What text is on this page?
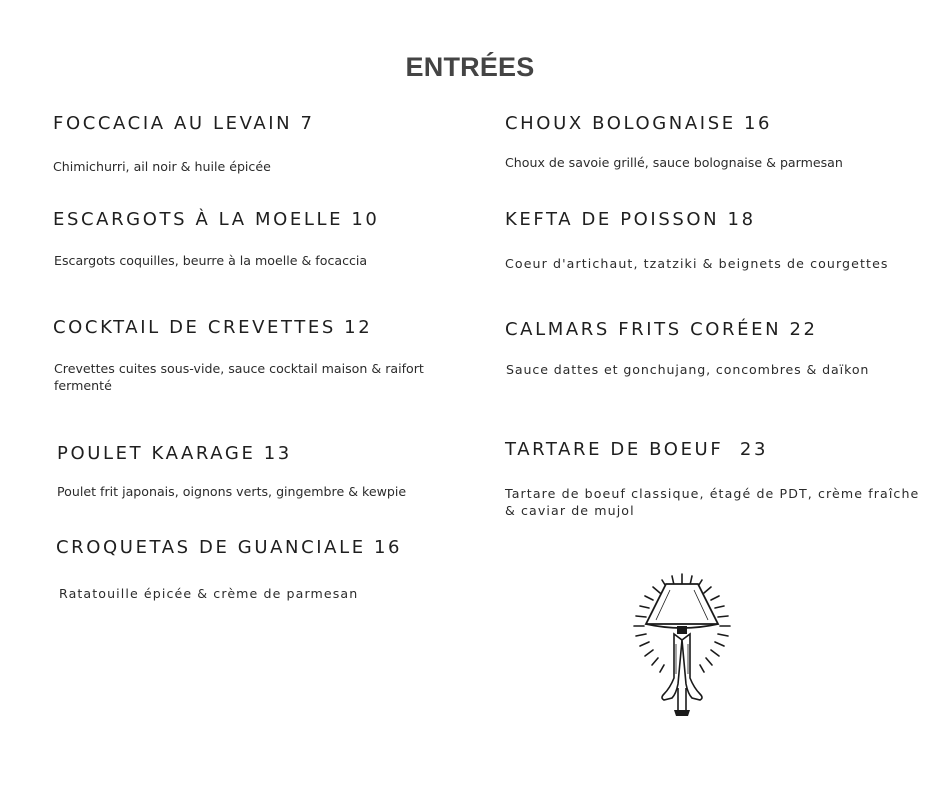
ENTRÉES
FOCCACIA AU LEVAIN 7
Chimichurri, ail noir & huile épicée
ESCARGOTS À LA MOELLE 10
Escargots coquilles, beurre à la moelle & focaccia
COCKTAIL DE CREVETTES 12
Crevettes cuites sous-vide, sauce cocktail maison & raifort fermenté
POULET KAARAGE 13
Poulet frit japonais, oignons verts, gingembre & kewpie
CROQUETAS DE GUANCIALE 16
Ratatouille épicée & crème de parmesan
CHOUX BOLOGNAISE 16
Choux de savoie grillé, sauce bolognaise & parmesan
KEFTA DE POISSON 18
Coeur d'artichaut, tzatziki & beignets de courgettes
CALMARS FRITS CORÉEN 22
Sauce dattes et gonchujang, concombres & daïkon
TARTARE DE BOEUF  23
Tartare de boeuf classique, étagé de PDT, crème fraîche & caviar de mujol
